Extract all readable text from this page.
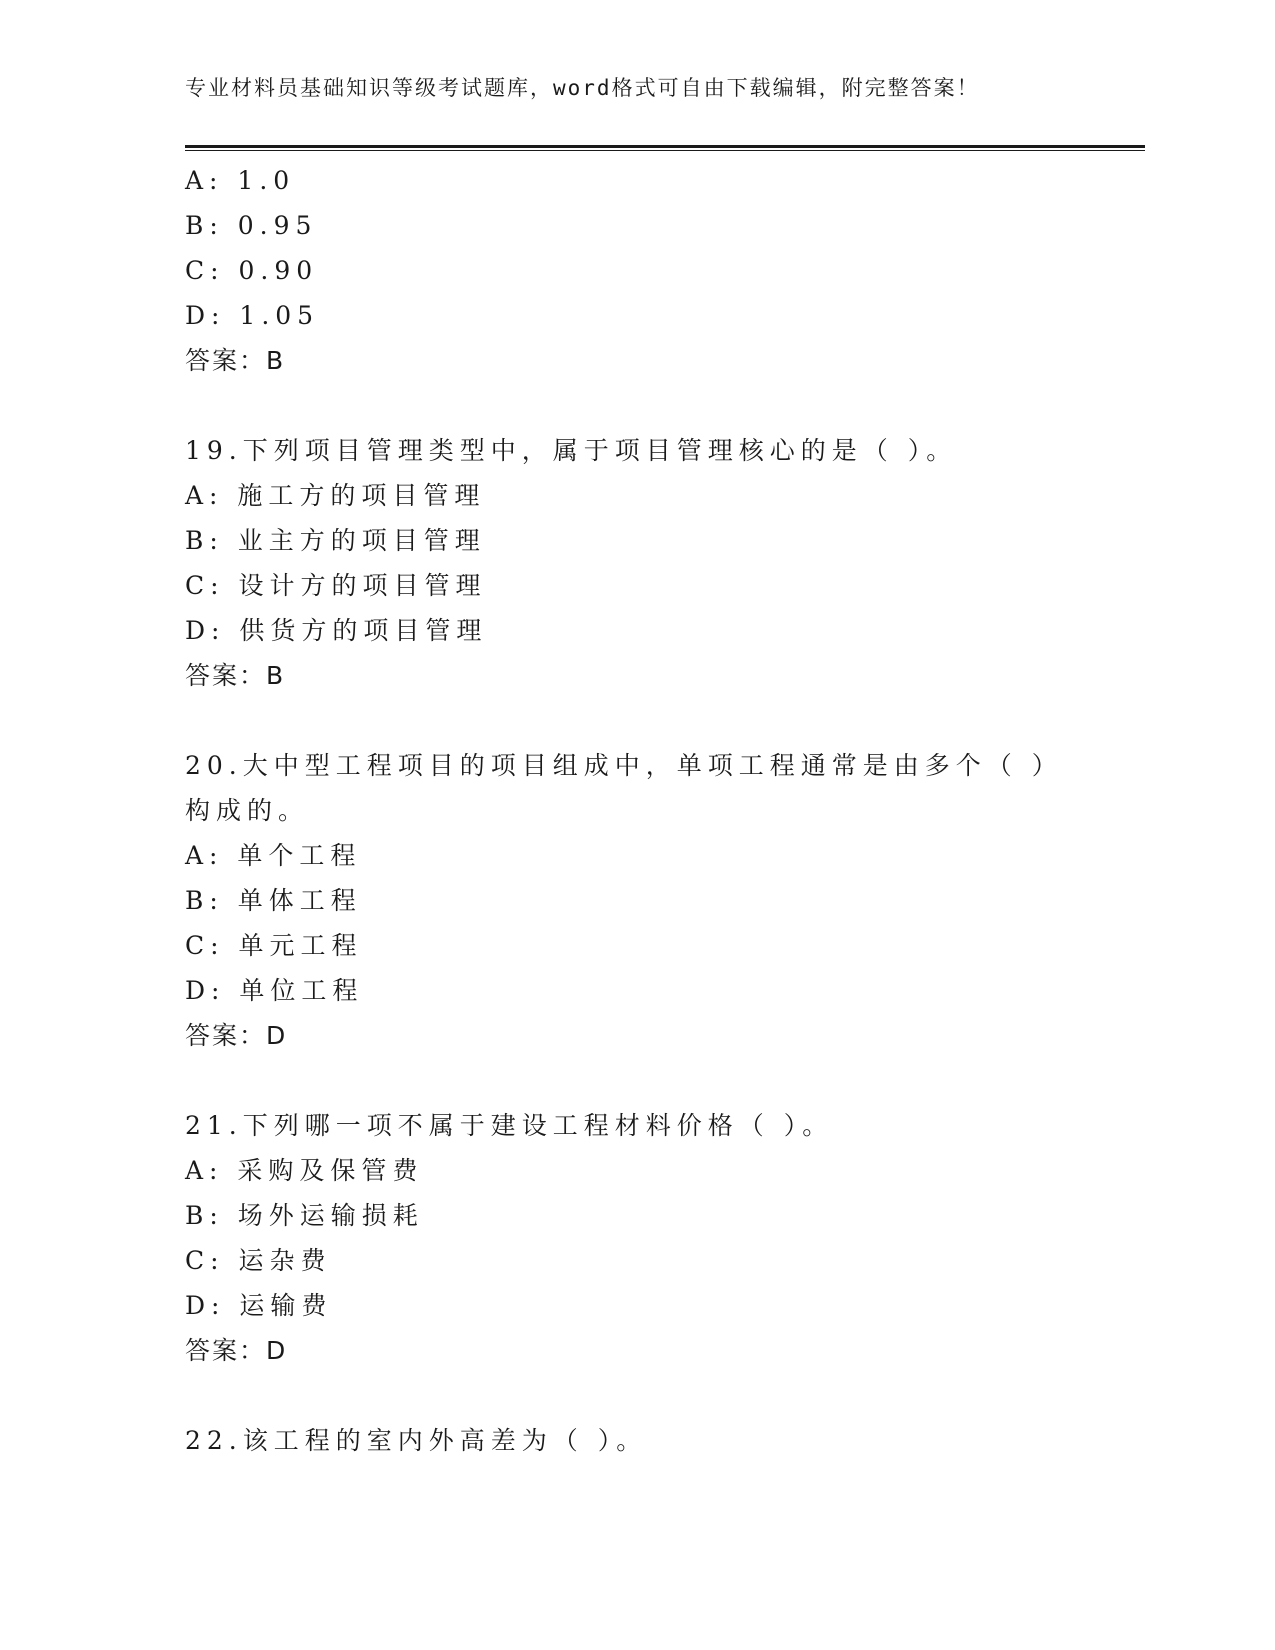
专业材料员基础知识等级考试题库，word格式可自由下载编辑，附完整答案！
A: 1.0
B: 0.95
C: 0.90
D: 1.05
答案：B
19.下列项目管理类型中，属于项目管理核心的是（ ）。
A: 施工方的项目管理
B: 业主方的项目管理
C: 设计方的项目管理
D: 供货方的项目管理
答案：B
20.大中型工程项目的项目组成中，单项工程通常是由多个（ ）构成的。
A: 单个工程
B: 单体工程
C: 单元工程
D: 单位工程
答案：D
21.下列哪一项不属于建设工程材料价格（ ）。
A: 采购及保管费
B: 场外运输损耗
C: 运杂费
D: 运输费
答案：D
22.该工程的室内外高差为（ ）。
